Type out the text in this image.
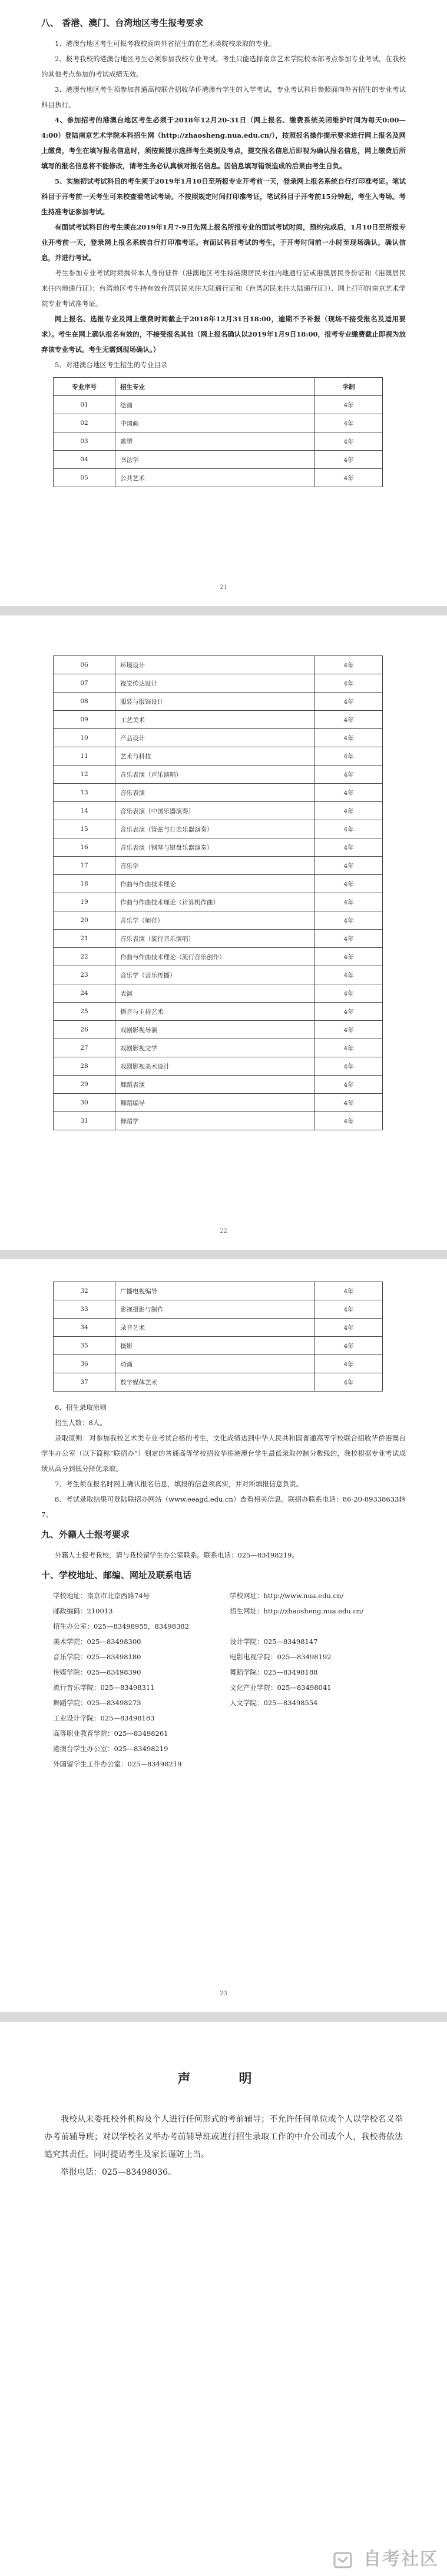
八、 香港、澳门、台湾地区考生报考要求

1、港澳台地区考生可报考我校面向外省招生的在艺术类院校录取的专业。

2、报考我校的港澳台地区考生必须参加我校专业考试。考生只能选择南京艺术学院校本部考点参加专业考试，在我校的其他考点参加的考试成绩无效。

3、港澳台地区考生须参加普通高校联合招收华侨港澳台学生的入学考试，专业考试科目参照面向外省招生的专业考试科目执行。

4、参加招考的港澳台地区考生必须于2018年12月20-31日（网上报名、缴费系统关闭维护时间为每天0:00—4:00）登陆南京艺术学院本科招生网（http://zhaosheng.nua.edu.cn/），按照报名操作提示要求进行网上报名及网上缴费，考生在填写报名信息时，须按照提示选择考生类别及考点，提交报名信息后即视为确认报名信息，网上缴费后所填写的报名信息将不能修改，请考生务必认真核对报名信息。因信息填写错误造成的后果由考生自负。

5、实施初试考试科目的考生须于2019年1月10日至所报专业开考前一天，登录网上报名系统自行打印准考证。笔试科目于开考前一天考生可来校查看笔试考场。不按照规定时间打印准考证，笔试科目于开考前15分钟起，考生入考场。考生持准考证参加考试。

有面试考试科目的考生须在2019年1月7-9日先网上报名所报专业的面试考试时间，预约完成后，1月10日至所报专业开考前一天，登录网上报名系统自行打印准考证。有面试科目考试的考生，于开考时间前一小时至现场确认，确认信息，并进行考试。

考生参加专业考试时须携带本人身份证件（港澳地区考生持港澳居民来往内地通行证或港澳居民身份证和《港澳居民来往内地通行证》；台湾地区考生持有效台湾居民来往大陆通行证和《台湾居民来往大陆通行证》）、网上打印的南京艺术学院专业考试准考证。

网上报名、选报专业及网上缴费时间截止于2018年12月31日18:00，逾期不予补报（现场不接受报名及适用要求）。考生在网上确认报名有效的，不接受报名其他（网上报名确认以2019年1月9日18:00，报考专业缴费截止即视为放弃该专业考试。考生无需到现场确认。）

5、对港澳台地区考生招生的专业目录

专业序号	招生专业	学制
01	绘画	4年
02	中国画	4年
03	雕塑	4年
04	书法学	4年
05	公共艺术	4年
21
06	环境设计	4年
07	视觉传达设计	4年
08	服装与服饰设计	4年
09	工艺美术	4年
10	产品设计	4年
11	艺术与科技	4年
12	音乐表演（声乐演唱）	4年
13	音乐表演	4年
14	音乐表演（中国乐器演奏）	4年
15	音乐表演（管弦与打击乐器演奏）	4年
16	音乐表演（钢琴与键盘乐器演奏）	4年
17	音乐学	4年
18	作曲与作曲技术理论	4年
19	作曲与作曲技术理论（计算机作曲）	4年
20	音乐学（师范）	4年
21	音乐表演（流行音乐演唱）	4年
22	作曲与作曲技术理论（流行音乐创作）	4年
23	音乐学（音乐传播）	4年
24	表演	4年
25	播音与主持艺术	4年
26	戏剧影视导演	4年
27	戏剧影视文学	4年
28	戏剧影视美术设计	4年
29	舞蹈表演	4年
30	舞蹈编导	4年
31	舞蹈学	4年
22
32	广播电视编导	4年
33	影视摄影与制作	4年
34	录音艺术	4年
35	摄影	4年
36	动画	4年
37	数字媒体艺术	4年

6、招生录取原则

招生人数：8人。

录取原则：对参加我校艺术类专业考试合格的考生，文化成绩达到中华人民共和国普通高等学校联合招收华侨港澳台学生办公室（以下简称“联招办”）划定的普通高等学校招收华侨港澳台学生最低录取控制分数线的，我校根据专业考试成绩从高分到低分择优录取。

7、考生须在报名时网上确认报名信息，填报的信息须真实，并对所填报信息负责。

8、考试录取结果可登陆联招办网站（www.eeagd.edu.cn）查看相关信息。联招办联系电话：86-20-89338633转7。

九、外籍人士报考要求

外籍人士报考我校，请与我校留学生办公室联系。联系电话：025—83498219。

十、学校地址、邮编、网址及联系电话
学校地址：南京市北京西路74号	学校网址：http://www.nua.edu.cn/
邮政编码：210013	招生网址：http://zhaosheng.nua.edu.cn/
招生办公室：025—83498955，83498382
美术学院：025—83498300	设计学院：025—83498147
音乐学院：025—83498180	电影电视学院：025—83498192
传媒学院：025—83498390	舞蹈学院：025—83498188
流行音乐学院：025—83498311	文化产业学院：025—83498041
舞蹈学院：025—83498273	人文学院：025—83498554
工业设计学院：025—83498183
高等职业教育学院：025—83498261
港澳台学生办公室：025—83498219
外国留学生工作办公室：025—83498219
23
声　明

我校从未委托校外机构及个人进行任何形式的考前辅导；不允许任何单位或个人以学校名义举办考前辅导班；对以学校名义举办考前辅导班或进行招生录取工作的中介公司或个人，我校将依法追究其责任。同时提请考生及家长谨防上当。

举报电话：025—83498036。

自考社区
